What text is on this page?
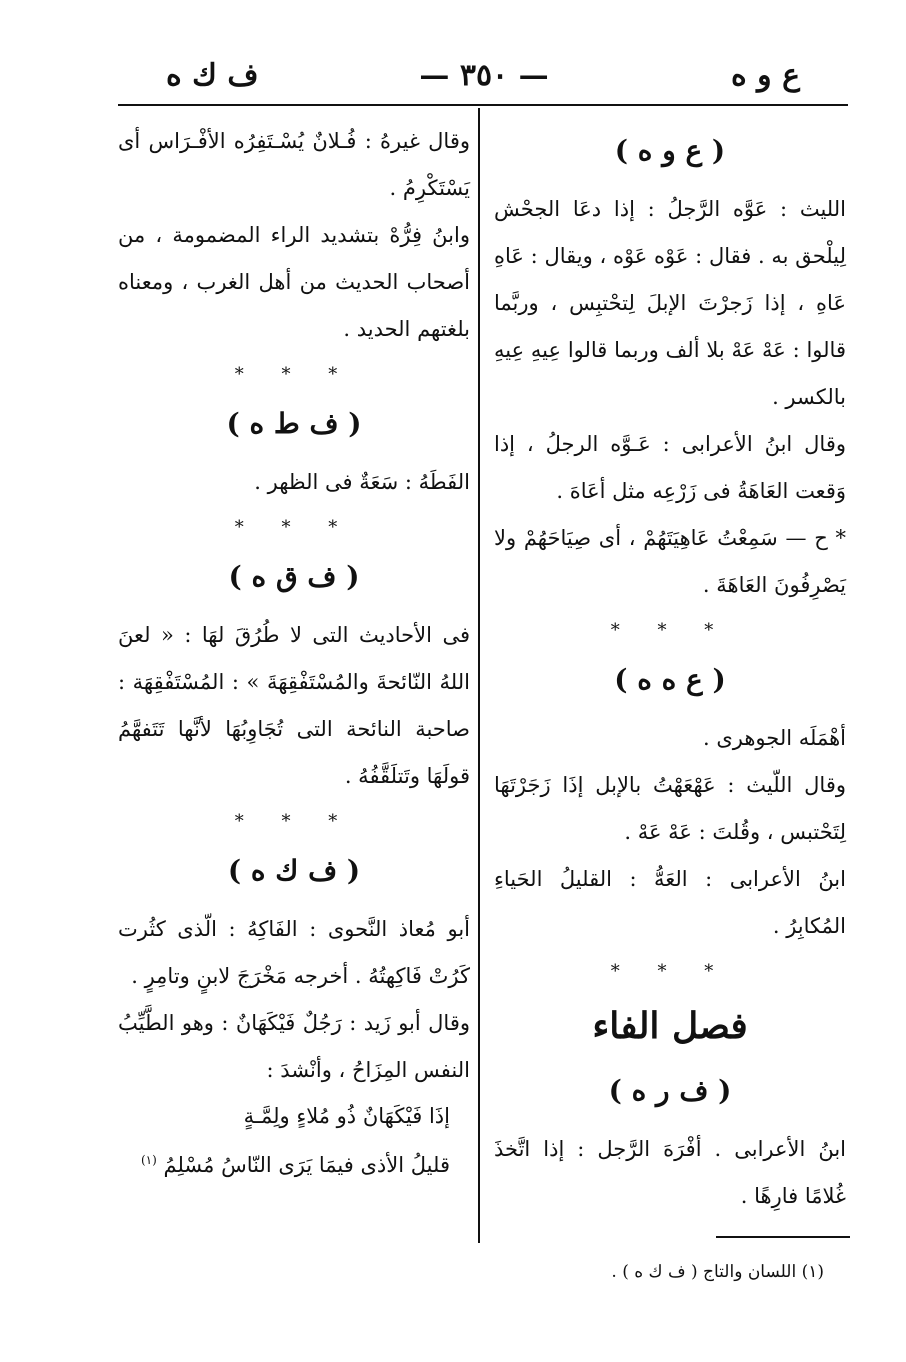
ع و ه
— ٣٥٠ —
ف ك ه
( ع و ه )

الليث : عَوَّه الرَّجلُ : إذا دعَا الجحْش لِيلْحق به . فقال : عَوْه عَوْه ، ويقال : عَاهِ عَاهِ ، إذا زَجرْتَ الإبلَ لِتحْتبِس ، وربَّما قالوا : عَهْ عَهْ بلا ألف وربما قالوا عِيهِ عِيهِ بالكسر .

وقال ابنُ الأعرابى : عَـوَّه الرجلُ ، إذا وَقعت العَاهَةُ فى زَرْعِه مثل أعَاهَ .

* ح — سَمِعْتُ عَاهِيَتَهُمْ ، أى صِيَاحَهُمْ ولا يَصْرِفُونَ العَاهَةَ .

* * *
( ع ه ه )

أهْمَلَه الجوهرى .

وقال اللّيث : عَهْعَهْتُ بالإبل إذَا زَجَرْتَهَا لِتَحْتبس ، وقُلتَ : عَهْ عَهْ .

ابنُ الأعرابى : العَهُّ : القليلُ الحَياءِ المُكابِرُ .

* * *
فصل الفاء
( ف ر ه )

ابنُ الأعرابى . أفْرَهَ الرَّجل : إذا اتَّخذَ غُلامًا فارِهًا .

وقال غيرهُ : فُـلانٌ يُسْـتَفِرُه الأفْـرَاس أى يَسْتَكْرِمُ .

وابنُ فِرُّهْ بتشديد الراء المضمومة ، من أصحاب الحديث من أهل الغرب ، ومعناه بلغتهم الحديد .

* * *
( ف ط ه )

الفَطَهُ : سَعَةٌ فى الظهر .

* * *
( ف ق ه )

فى الأحاديث التى لا طُرُقَ لهَا : « لعنَ اللهُ النّائحةَ والمُسْتَفْقِهَةَ » : المُسْتَفْقِهَة : صاحبة النائحة التى تُجَاوِبُهَا لأنَّها تَتَفهَّمُ قولَهَا وتَتلَقَّفُهُ .

* * *
( ف ك ه )

أبو مُعاذ النَّحوى : الفَاكِهُ : الّذى كثُرت كَرُتْ فَاكِهتُهُ . أخرجه مَخْرَجَ لابنٍ وتامِرٍ .

وقال أبو زَيد : رَجُلٌ فَيْكَهَانٌ : وهو الطَّيِّبُ النفس المِزَاحُ ، وأنْشدَ :

إذَا فَيْكَهَانٌ ذُو مُلاءٍ ولِمَّـةٍ
قليلُ الأذى فيمَا يَرَى النّاسُ مُسْلِمُ $^{(١)}$
(١) اللسان والتاج ( ف ك ه ) .
